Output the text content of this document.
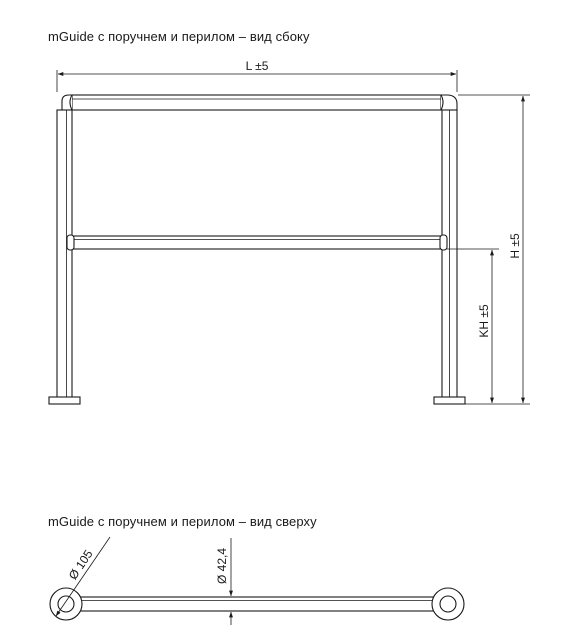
mGuide с поручнем и перилом – вид сбоку
mGuide с поручнем и перилом – вид сверху
L ±5
H ±5
KH ±5
Ø 105	Ø 42,4
